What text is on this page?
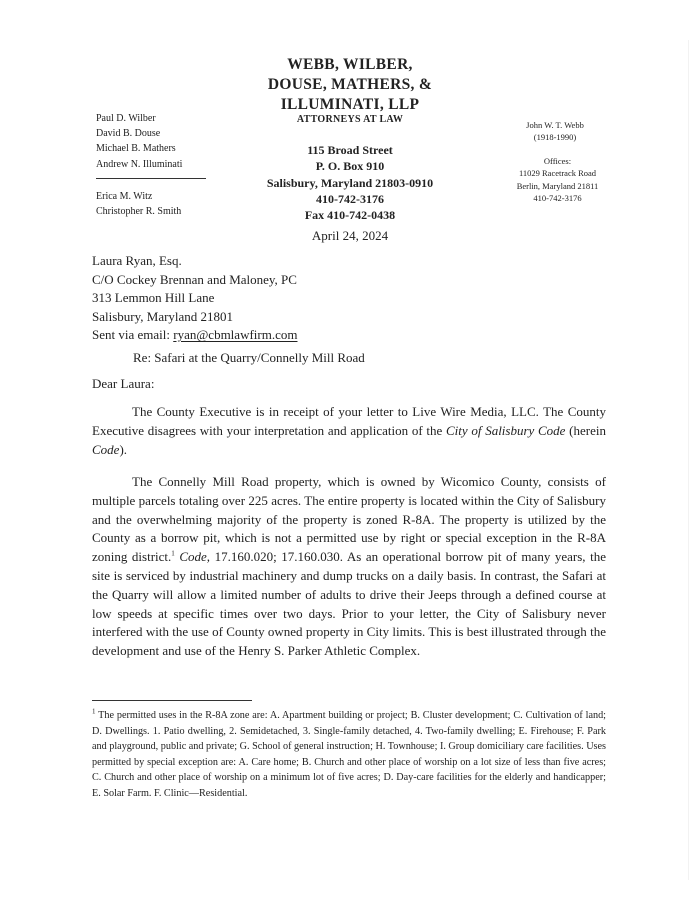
WEBB, WILBER,
DOUSE, MATHERS, &
ILLUMINATI, LLP
ATTORNEYS AT LAW
115 Broad Street
P. O. Box 910
Salisbury, Maryland 21803-0910
410-742-3176
Fax 410-742-0438
April 24, 2024
Paul D. Wilber
David B. Douse
Michael B. Mathers
Andrew N. Illuminati
Erica M. Witz
Christopher R. Smith
John W. T. Webb
(1918-1990)
Offices:
11029 Racetrack Road
Berlin, Maryland 21811
410-742-3176
Laura Ryan, Esq.
C/O Cockey Brennan and Maloney, PC
313 Lemmon Hill Lane
Salisbury, Maryland 21801
Sent via email: ryan@cbmlawfirm.com
Re: Safari at the Quarry/Connelly Mill Road
Dear Laura:

The County Executive is in receipt of your letter to Live Wire Media, LLC. The County Executive disagrees with your interpretation and application of the City of Salisbury Code (herein Code).

The Connelly Mill Road property, which is owned by Wicomico County, consists of multiple parcels totaling over 225 acres. The entire property is located within the City of Salisbury and the overwhelming majority of the property is zoned R-8A. The property is utilized by the County as a borrow pit, which is not a permitted use by right or special exception in the R-8A zoning district.$^1$ Code, 17.160.020; 17.160.030. As an operational borrow pit of many years, the site is serviced by industrial machinery and dump trucks on a daily basis. In contrast, the Safari at the Quarry will allow a limited number of adults to drive their Jeeps through a defined course at low speeds at specific times over two days. Prior to your letter, the City of Salisbury never interfered with the use of County owned property in City limits. This is best illustrated through the development and use of the Henry S. Parker Athletic Complex.

$^1$ The permitted uses in the R-8A zone are: A. Apartment building or project; B. Cluster development; C. Cultivation of land; D. Dwellings. 1. Patio dwelling, 2. Semidetached, 3. Single-family detached, 4. Two-family dwelling; E. Firehouse; F. Park and playground, public and private; G. School of general instruction; H. Townhouse; I. Group domiciliary care facilities. Uses permitted by special exception are: A. Care home; B. Church and other place of worship on a lot size of less than five acres; C. Church and other place of worship on a minimum lot of five acres; D. Day-care facilities for the elderly and handicapper; E. Solar Farm. F. Clinic—Residential.
